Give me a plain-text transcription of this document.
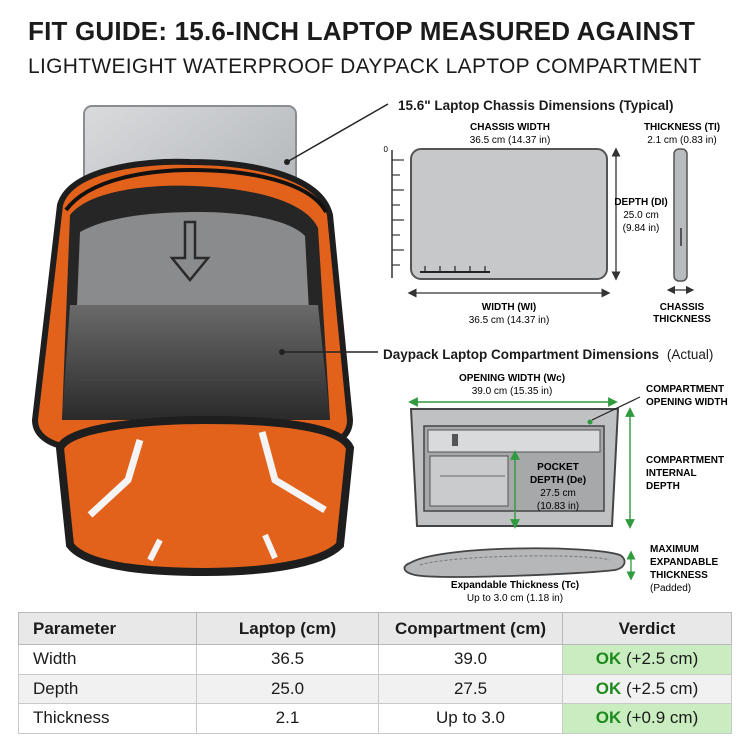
FIT GUIDE: 15.6-INCH LAPTOP MEASURED AGAINST
LIGHTWEIGHT WATERPROOF DAYPACK LAPTOP COMPARTMENT
15.6" Laptop Chassis Dimensions (Typical)
CHASSIS WIDTH
36.5 cm (14.37 in)
THICKNESS (TI)
2.1 cm (0.83 in)
0
DEPTH (DI)
25.0 cm
(9.84 in)
CHASSIS
THICKNESS
WIDTH (WI)
36.5 cm (14.37 in)
Daypack Laptop Compartment Dimensions (Actual)
OPENING WIDTH (Wc)
39.0 cm (15.35 in)
POCKET
DEPTH (De)
27.5 cm
(10.83 in)
COMPARTMENT
OPENING WIDTH
COMPARTMENT
INTERNAL
DEPTH
MAXIMUM
EXPANDABLE
THICKNESS
(Padded)
Expandable Thickness (Tc)
Up to 3.0 cm (1.18 in)
Parameter	Laptop (cm)	Compartment (cm)	Verdict
Width	36.5	39.0	OK (+2.5 cm)
Depth	25.0	27.5	OK (+2.5 cm)
Thickness	2.1	Up to 3.0	OK (+0.9 cm)
